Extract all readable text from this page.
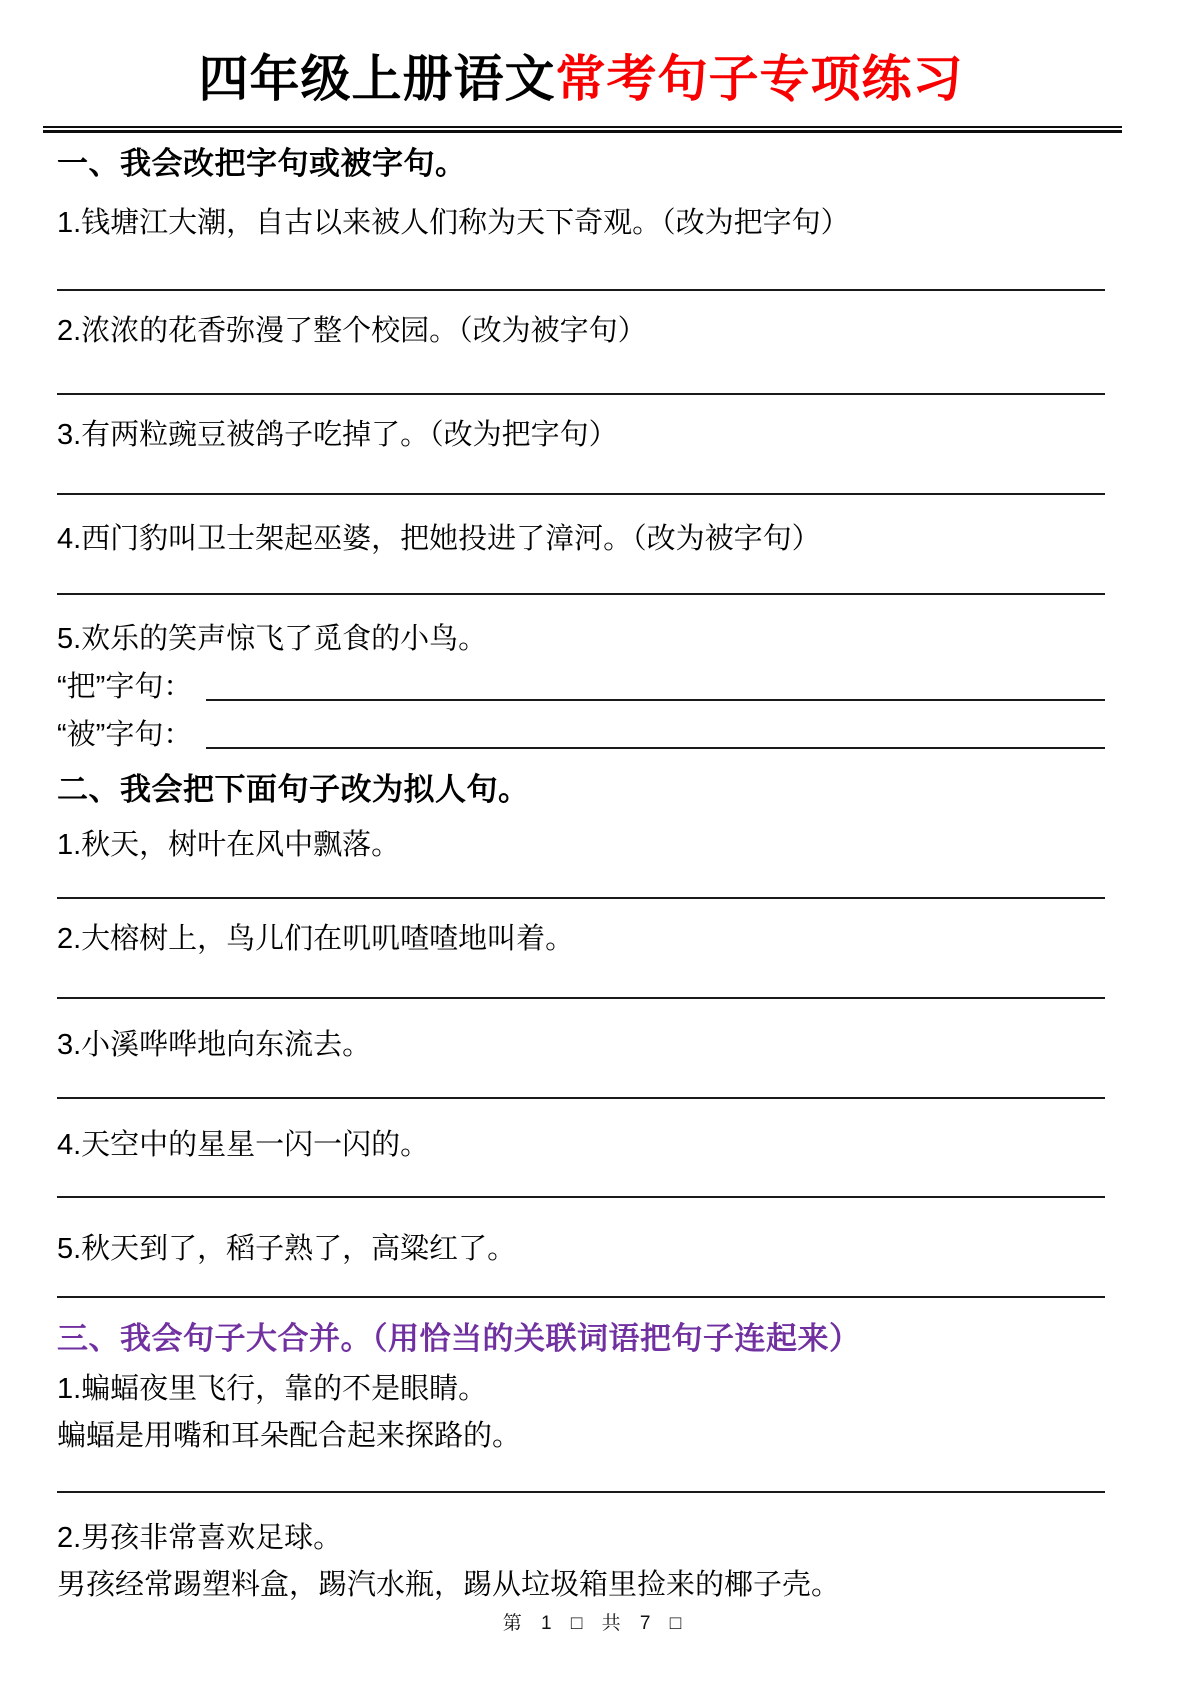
四年级上册语文常考句子专项练习
一、我会改把字句或被字句。

1.钱塘江大潮，自古以来被人们称为天下奇观。（改为把字句）

2.浓浓的花香弥漫了整个校园。（改为被字句）

3.有两粒豌豆被鸽子吃掉了。（改为把字句）

4.西门豹叫卫士架起巫婆，把她投进了漳河。（改为被字句）

5.欢乐的笑声惊飞了觅食的小鸟。

“把”字句：
“被”字句：
二、我会把下面句子改为拟人句。

1.秋天，树叶在风中飘落。

2.大榕树上，鸟儿们在叽叽喳喳地叫着。

3.小溪哗哗地向东流去。

4.天空中的星星一闪一闪的。

5.秋天到了，稻子熟了，高粱红了。

三、我会句子大合并。（用恰当的关联词语把句子连起来）

1.蝙蝠夜里飞行，靠的不是眼睛。

蝙蝠是用嘴和耳朵配合起来探路的。

2.男孩非常喜欢足球。

男孩经常踢塑料盒，踢汽水瓶，踢从垃圾箱里捡来的椰子壳。

第 1 □ 共 7 □
